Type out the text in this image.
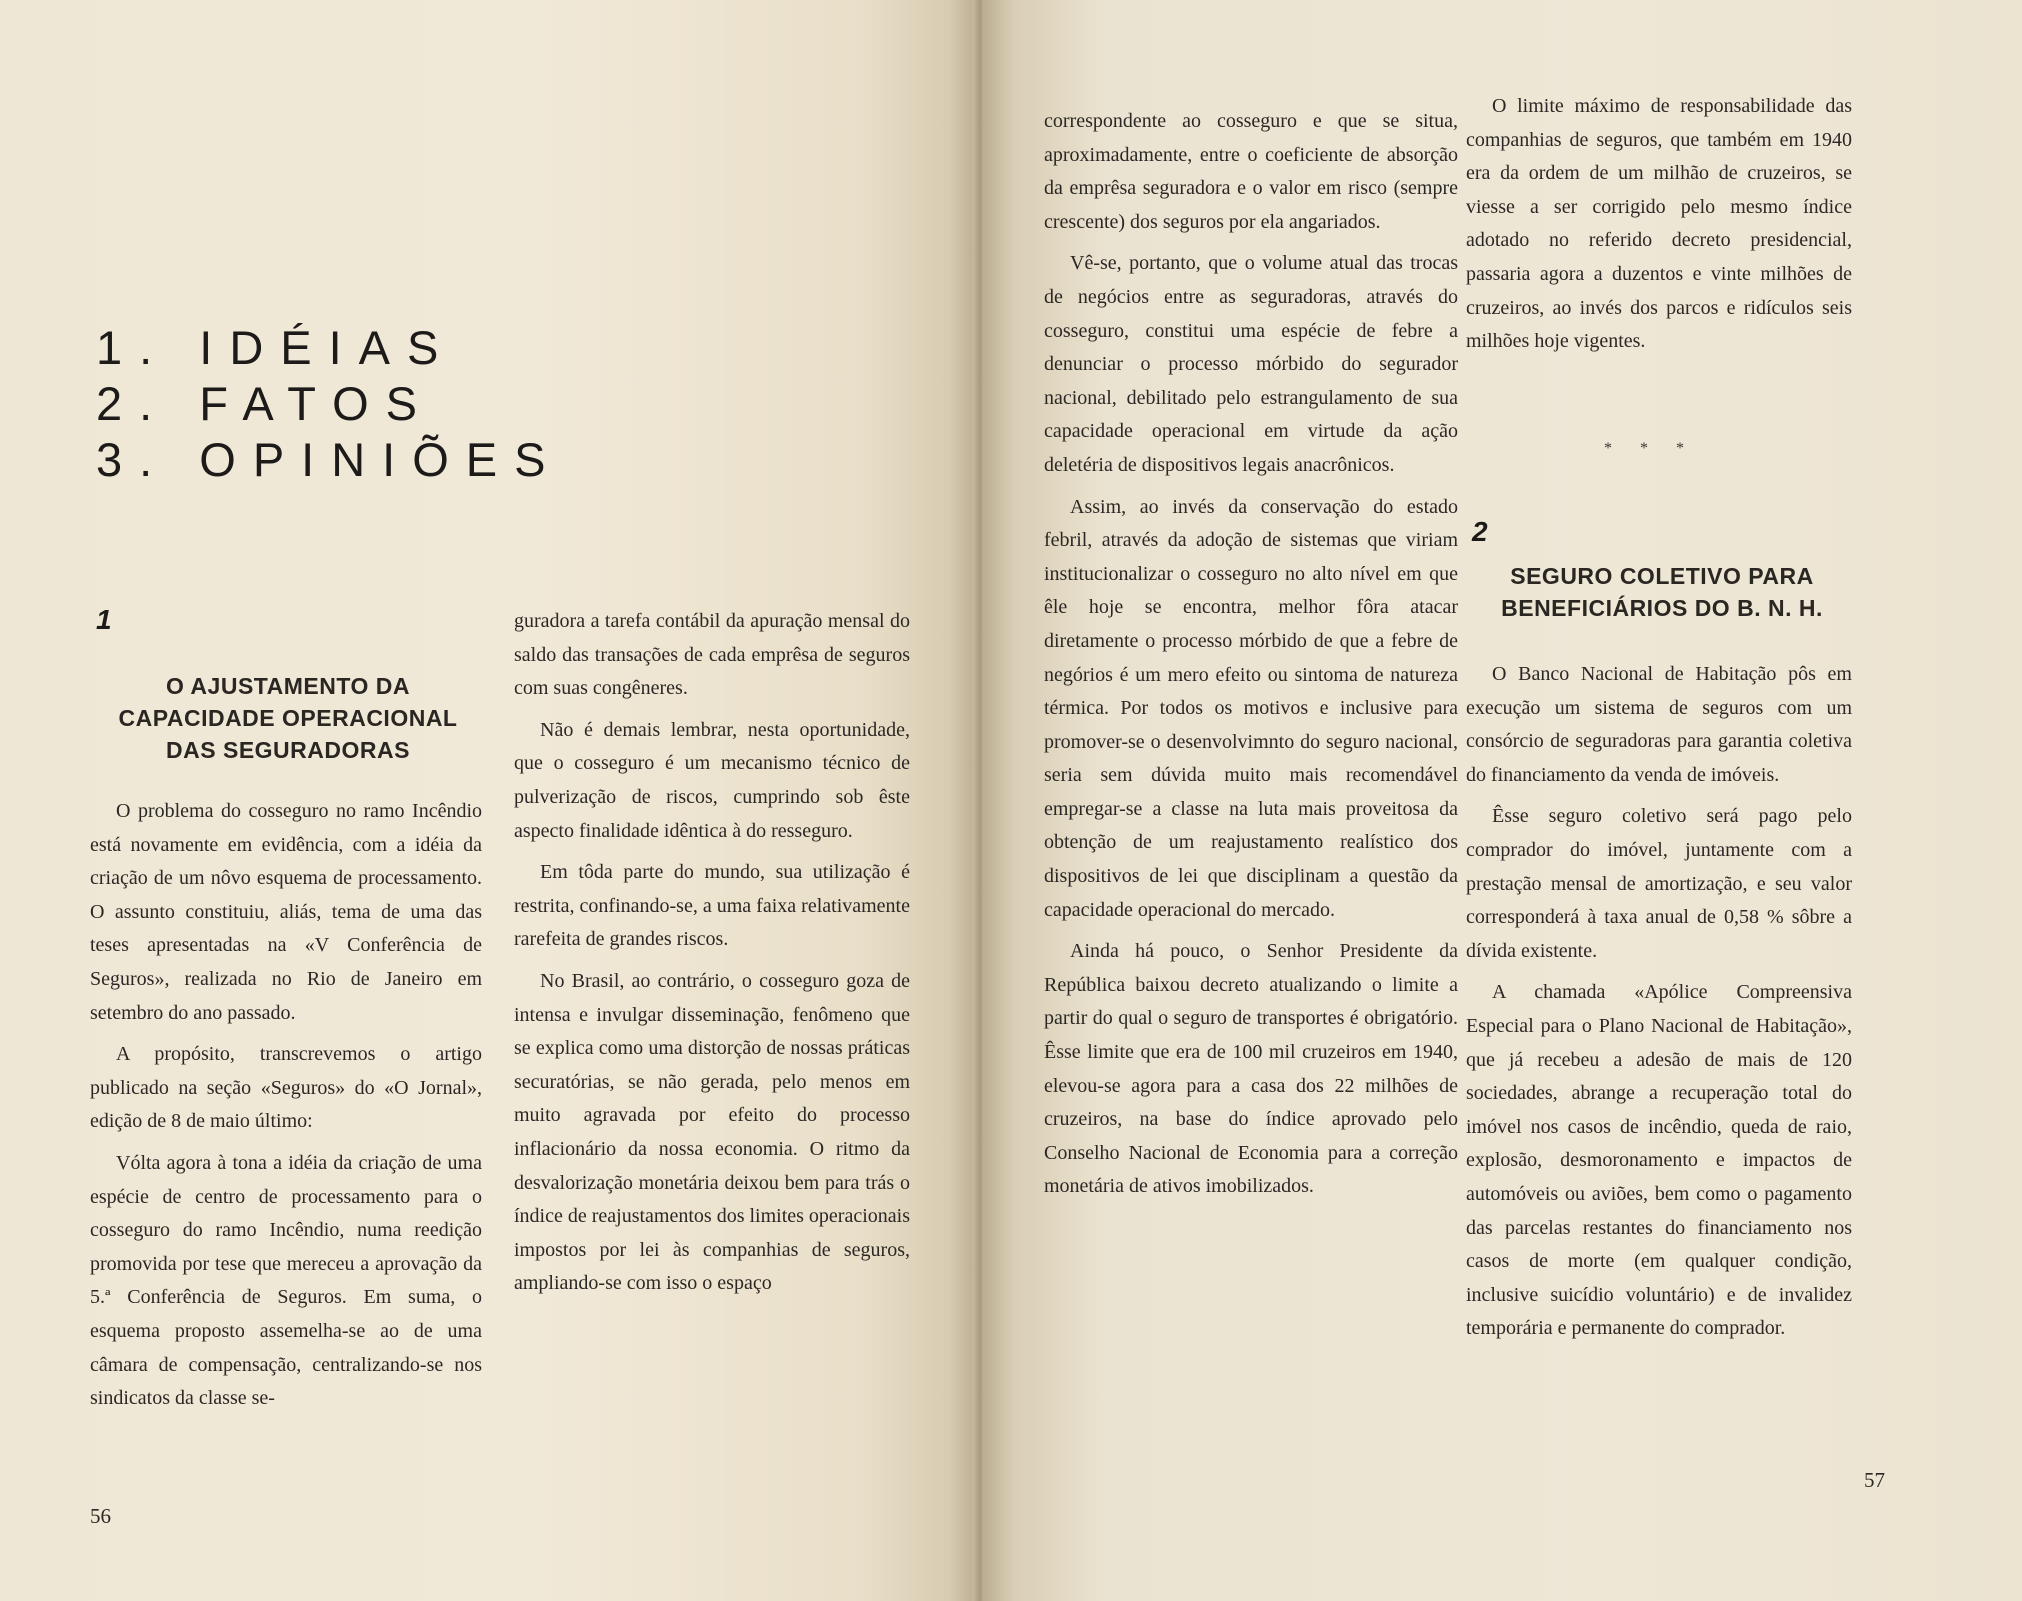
1. IDÉIAS
2. FATOS
3. OPINIÕES
1
O AJUSTAMENTO DA
CAPACIDADE OPERACIONAL
DAS SEGURADORAS

O problema do cosseguro no ramo Incêndio está novamente em evidência, com a idéia da criação de um nôvo esquema de processamento. O assunto constituiu, aliás, tema de uma das teses apresentadas na «V Conferência de Seguros», realizada no Rio de Janeiro em setembro do ano passado.

A propósito, transcrevemos o artigo publicado na seção «Seguros» do «O Jornal», edição de 8 de maio último:

Vólta agora à tona a idéia da criação de uma espécie de centro de processamento para o cosseguro do ramo Incêndio, numa reedição promovida por tese que mereceu a aprovação da 5.ª Conferência de Seguros. Em suma, o esquema proposto assemelha-se ao de uma câmara de compensação, centralizando-se nos sindicatos da classe se-

guradora a tarefa contábil da apuração mensal do saldo das transações de cada emprêsa de seguros com suas congêneres.

Não é demais lembrar, nesta oportunidade, que o cosseguro é um mecanismo técnico de pulverização de riscos, cumprindo sob êste aspecto finalidade idêntica à do resseguro.

Em tôda parte do mundo, sua utilização é restrita, confinando-se, a uma faixa relativamente rarefeita de grandes riscos.

No Brasil, ao contrário, o cosseguro goza de intensa e invulgar disseminação, fenômeno que se explica como uma distorção de nossas práticas securatórias, se não gerada, pelo menos em muito agravada por efeito do processo inflacionário da nossa economia. O ritmo da desvalorização monetária deixou bem para trás o índice de reajustamentos dos limites operacionais impostos por lei às companhias de seguros, ampliando-se com isso o espaço

56

correspondente ao cosseguro e que se situa, aproximadamente, entre o coeficiente de absorção da emprêsa seguradora e o valor em risco (sempre crescente) dos seguros por ela angariados.

Vê-se, portanto, que o volume atual das trocas de negócios entre as seguradoras, através do cosseguro, constitui uma espécie de febre a denunciar o processo mórbido do segurador nacional, debilitado pelo estrangulamento de sua capacidade operacional em virtude da ação deletéria de dispositivos legais anacrônicos.

Assim, ao invés da conservação do estado febril, através da adoção de sistemas que viriam institucionalizar o cosseguro no alto nível em que êle hoje se encontra, melhor fôra atacar diretamente o processo mórbido de que a febre de negórios é um mero efeito ou sintoma de natureza térmica. Por todos os motivos e inclusive para promover-se o desenvolvimnto do seguro nacional, seria sem dúvida muito mais recomendável empregar-se a classe na luta mais proveitosa da obtenção de um reajustamento realístico dos dispositivos de lei que disciplinam a questão da capacidade operacional do mercado.

Ainda há pouco, o Senhor Presidente da República baixou decreto atualizando o limite a partir do qual o seguro de transportes é obrigatório. Êsse limite que era de 100 mil cruzeiros em 1940, elevou-se agora para a casa dos 22 milhões de cruzeiros, na base do índice aprovado pelo Conselho Nacional de Economia para a correção monetária de ativos imobilizados.

O limite máximo de responsabilidade das companhias de seguros, que também em 1940 era da ordem de um milhão de cruzeiros, se viesse a ser corrigido pelo mesmo índice adotado no referido decreto presidencial, passaria agora a duzentos e vinte milhões de cruzeiros, ao invés dos parcos e ridículos seis milhões hoje vigentes.

* * *
2
SEGURO COLETIVO PARA
BENEFICIÁRIOS DO B. N. H.

O Banco Nacional de Habitação pôs em execução um sistema de seguros com um consórcio de seguradoras para garantia coletiva do financiamento da venda de imóveis.

Êsse seguro coletivo será pago pelo comprador do imóvel, juntamente com a prestação mensal de amortização, e seu valor corresponderá à taxa anual de 0,58 % sôbre a dívida existente.

A chamada «Apólice Compreensiva Especial para o Plano Nacional de Habitação», que já recebeu a adesão de mais de 120 sociedades, abrange a recuperação total do imóvel nos casos de incêndio, queda de raio, explosão, desmoronamento e impactos de automóveis ou aviões, bem como o pagamento das parcelas restantes do financiamento nos casos de morte (em qualquer condição, inclusive suicídio voluntário) e de invalidez temporária e permanente do comprador.

57
